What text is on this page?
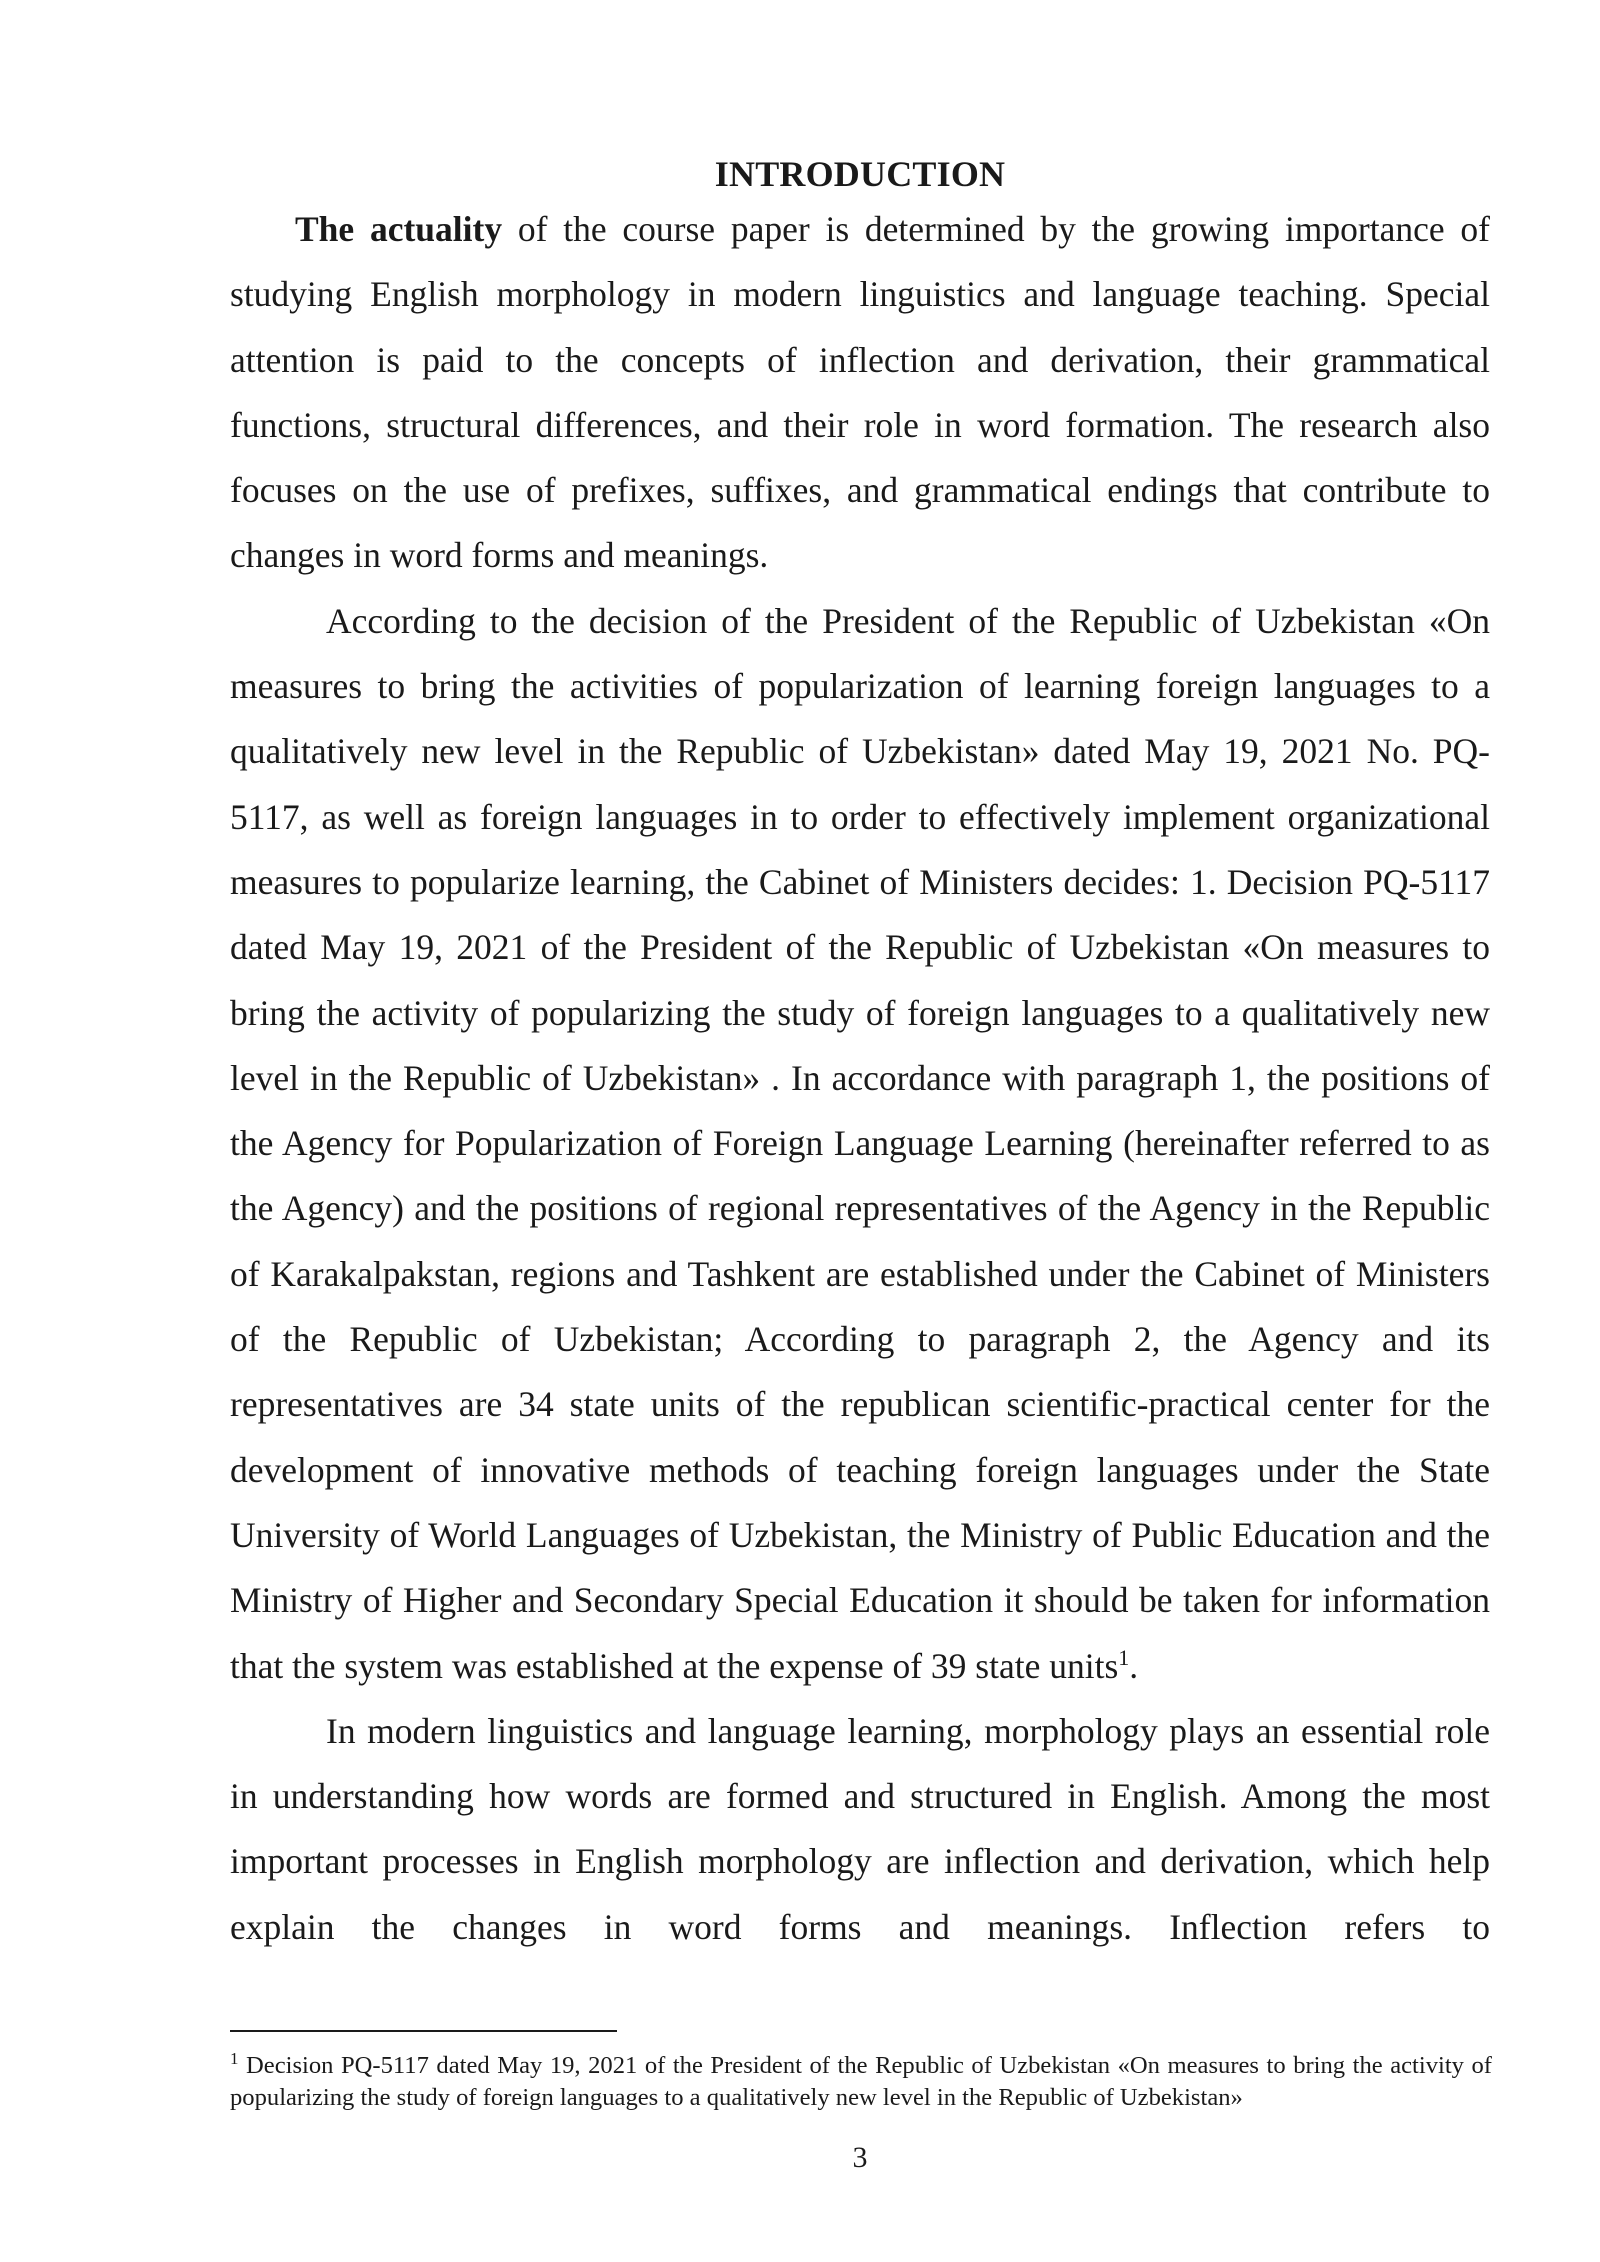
INTRODUCTION

The actuality of the course paper is determined by the growing importance of studying English morphology in modern linguistics and language teaching. Special attention is paid to the concepts of inflection and derivation, their grammatical functions, structural differences, and their role in word formation. The research also focuses on the use of prefixes, suffixes, and grammatical endings that contribute to changes in word forms and meanings.

According to the decision of the President of the Republic of Uzbekistan «On measures to bring the activities of popularization of learning foreign languages to a qualitatively new level in the Republic of Uzbekistan» dated May 19, 2021 No. PQ-5117, as well as foreign languages in to order to effectively implement organizational measures to popularize learning, the Cabinet of Ministers decides: 1. Decision PQ-5117 dated May 19, 2021 of the President of the Republic of Uzbekistan «On measures to bring the activity of popularizing the study of foreign languages to a qualitatively new level in the Republic of Uzbekistan» . In accordance with paragraph 1, the positions of the Agency for Popularization of Foreign Language Learning (hereinafter referred to as the Agency) and the positions of regional representatives of the Agency in the Republic of Karakalpakstan, regions and Tashkent are established under the Cabinet of Ministers of the Republic of Uzbekistan; According to paragraph 2, the Agency and its representatives are 34 state units of the republican scientific-practical center for the development of innovative methods of teaching foreign languages under the State University of World Languages of Uzbekistan, the Ministry of Public Education and the Ministry of Higher and Secondary Special Education it should be taken for information that the system was established at the expense of 39 state units$^1$.

In modern linguistics and language learning, morphology plays an essential role in understanding how words are formed and structured in English. Among the most important processes in English morphology are inflection and derivation, which help explain the changes in word forms and meanings. Inflection refers to

$^1$ Decision PQ-5117 dated May 19, 2021 of the President of the Republic of Uzbekistan «On measures to bring the activity of popularizing the study of foreign languages to a qualitatively new level in the Republic of Uzbekistan»
3
